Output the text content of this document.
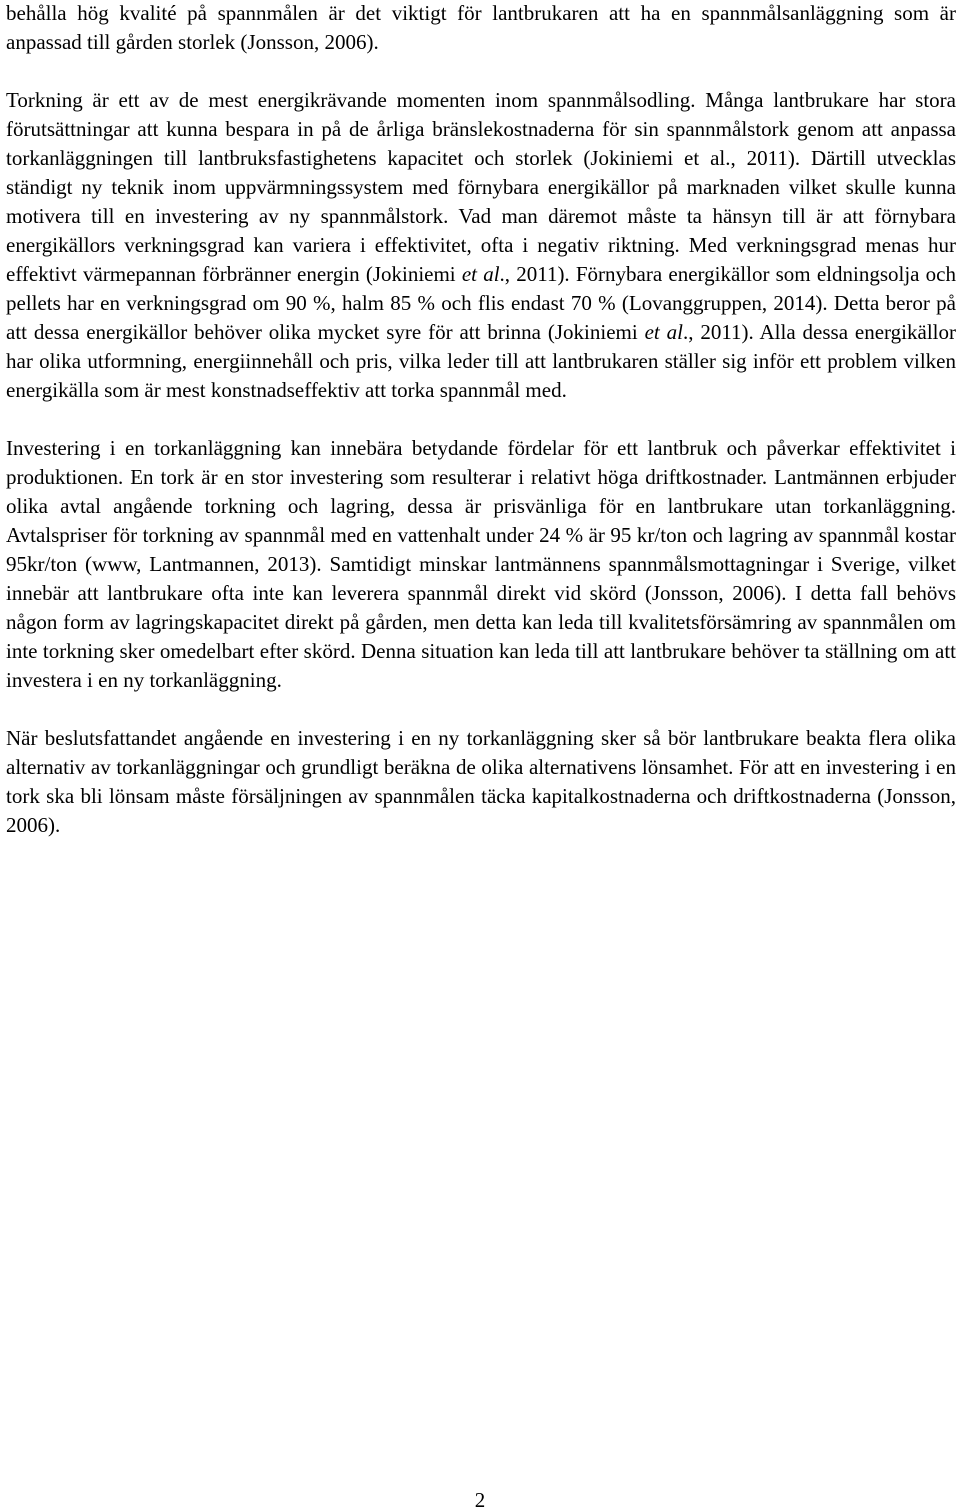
behålla hög kvalité på spannmålen är det viktigt för lantbrukaren att ha en spannmålsanläggning som är anpassad till gården storlek (Jonsson, 2006).

Torkning är ett av de mest energikrävande momenten inom spannmålsodling. Många lantbrukare har stora förutsättningar att kunna bespara in på de årliga bränslekostnaderna för sin spannmålstork genom att anpassa torkanläggningen till lantbruksfastighetens kapacitet och storlek (Jokiniemi et al., 2011). Därtill utvecklas ständigt ny teknik inom uppvärmningssystem med förnybara energikällor på marknaden vilket skulle kunna motivera till en investering av ny spannmålstork. Vad man däremot måste ta hänsyn till är att förnybara energikällors verkningsgrad kan variera i effektivitet, ofta i negativ riktning. Med verkningsgrad menas hur effektivt värmepannan förbränner energin (Jokiniemi et al., 2011). Förnybara energikällor som eldningsolja och pellets har en verkningsgrad om 90 %, halm 85 % och flis endast 70 % (Lovanggruppen, 2014). Detta beror på att dessa energikällor behöver olika mycket syre för att brinna (Jokiniemi et al., 2011). Alla dessa energikällor har olika utformning, energiinnehåll och pris, vilka leder till att lantbrukaren ställer sig inför ett problem vilken energikälla som är mest konstnadseffektiv att torka spannmål med.

Investering i en torkanläggning kan innebära betydande fördelar för ett lantbruk och påverkar effektivitet i produktionen. En tork är en stor investering som resulterar i relativt höga driftkostnader. Lantmännen erbjuder olika avtal angående torkning och lagring, dessa är prisvänliga för en lantbrukare utan torkanläggning. Avtalspriser för torkning av spannmål med en vattenhalt under 24 % är 95 kr/ton och lagring av spannmål kostar 95kr/ton (www, Lantmannen, 2013). Samtidigt minskar lantmännens spannmålsmottagningar i Sverige, vilket innebär att lantbrukare ofta inte kan leverera spannmål direkt vid skörd (Jonsson, 2006). I detta fall behövs någon form av lagringskapacitet direkt på gården, men detta kan leda till kvalitetsförsämring av spannmålen om inte torkning sker omedelbart efter skörd. Denna situation kan leda till att lantbrukare behöver ta ställning om att investera i en ny torkanläggning.

När beslutsfattandet angående en investering i en ny torkanläggning sker så bör lantbrukare beakta flera olika alternativ av torkanläggningar och grundligt beräkna de olika alternativens lönsamhet. För att en investering i en tork ska bli lönsam måste försäljningen av spannmålen täcka kapitalkostnaderna och driftkostnaderna (Jonsson, 2006).

2
